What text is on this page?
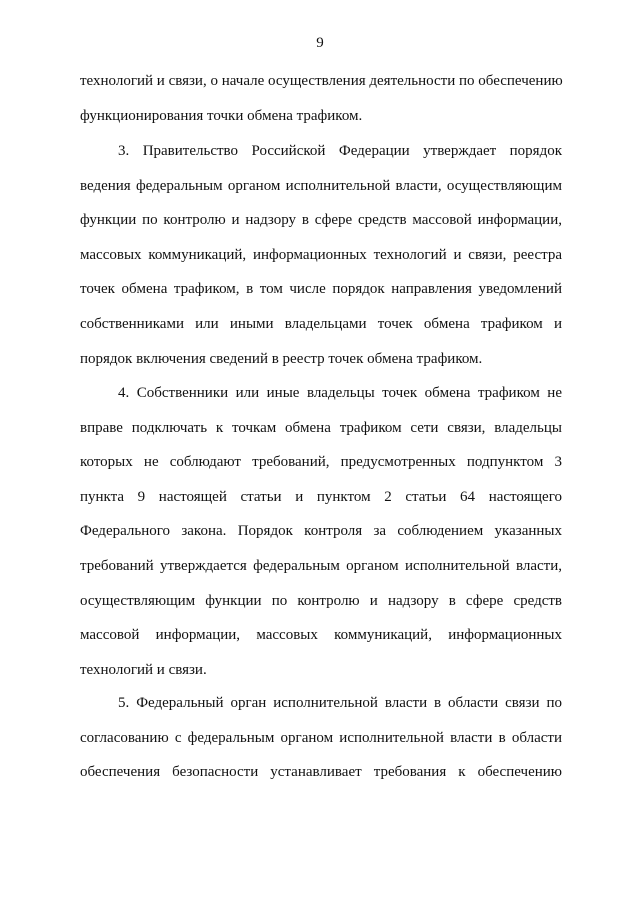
9
технологий и связи, о начале осуществления деятельности по обеспечению
функционирования точки обмена трафиком.
3. Правительство Российской Федерации утверждает порядок
ведения федеральным органом исполнительной власти, осуществляющим
функции по контролю и надзору в сфере средств массовой информации,
массовых коммуникаций, информационных технологий и связи, реестра
точек обмена трафиком, в том числе порядок направления уведомлений
собственниками или иными владельцами точек обмена трафиком и
порядок включения сведений в реестр точек обмена трафиком.
4. Собственники или иные владельцы точек обмена трафиком не
вправе подключать к точкам обмена трафиком сети связи, владельцы
которых не соблюдают требований, предусмотренных подпунктом 3
пункта 9 настоящей статьи и пунктом 2 статьи 64 настоящего
Федерального закона. Порядок контроля за соблюдением указанных
требований утверждается федеральным органом исполнительной власти,
осуществляющим функции по контролю и надзору в сфере средств
массовой информации, массовых коммуникаций, информационных
технологий и связи.
5. Федеральный орган исполнительной власти в области связи по
согласованию с федеральным органом исполнительной власти в области
обеспечения безопасности устанавливает требования к обеспечению
